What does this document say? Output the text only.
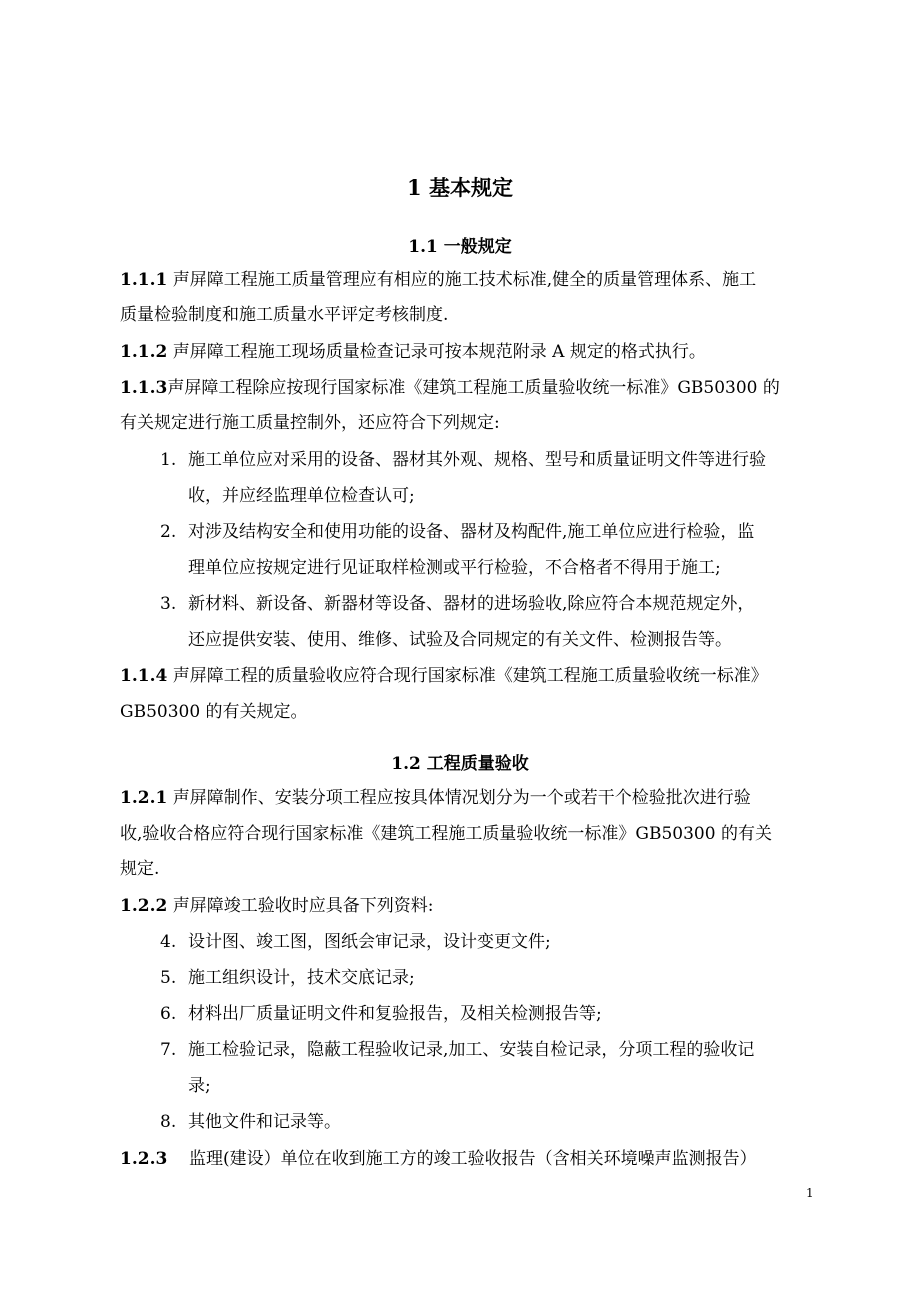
1 基本规定
1.1 一般规定
1.1.1 声屏障工程施工质量管理应有相应的施工技术标准,健全的质量管理体系、施工
质量检验制度和施工质量水平评定考核制度.
1.1.2 声屏障工程施工现场质量检查记录可按本规范附录 A 规定的格式执行。
1.1.3声屏障工程除应按现行国家标准《建筑工程施工质量验收统一标准》GB50300 的
有关规定进行施工质量控制外，还应符合下列规定:
1. 施工单位应对采用的设备、器材其外观、规格、型号和质量证明文件等进行验
收，并应经监理单位检查认可;
2. 对涉及结构安全和使用功能的设备、器材及构配件,施工单位应进行检验，监
理单位应按规定进行见证取样检测或平行检验，不合格者不得用于施工;
3. 新材料、新设备、新器材等设备、器材的进场验收,除应符合本规范规定外，
还应提供安装、使用、维修、试验及合同规定的有关文件、检测报告等。
1.1.4 声屏障工程的质量验收应符合现行国家标准《建筑工程施工质量验收统一标准》
GB50300 的有关规定。
1.2 工程质量验收
1.2.1 声屏障制作、安装分项工程应按具体情况划分为一个或若干个检验批次进行验
收,验收合格应符合现行国家标准《建筑工程施工质量验收统一标准》GB50300 的有关
规定.
1.2.2 声屏障竣工验收时应具备下列资料:
4. 设计图、竣工图，图纸会审记录，设计变更文件;
5. 施工组织设计，技术交底记录;
6. 材料出厂质量证明文件和复验报告，及相关检测报告等;
7. 施工检验记录，隐蔽工程验收记录,加工、安装自检记录，分项工程的验收记
录;
8. 其他文件和记录等。
1.2.3    监理(建设）单位在收到施工方的竣工验收报告（含相关环境噪声监测报告）
1
